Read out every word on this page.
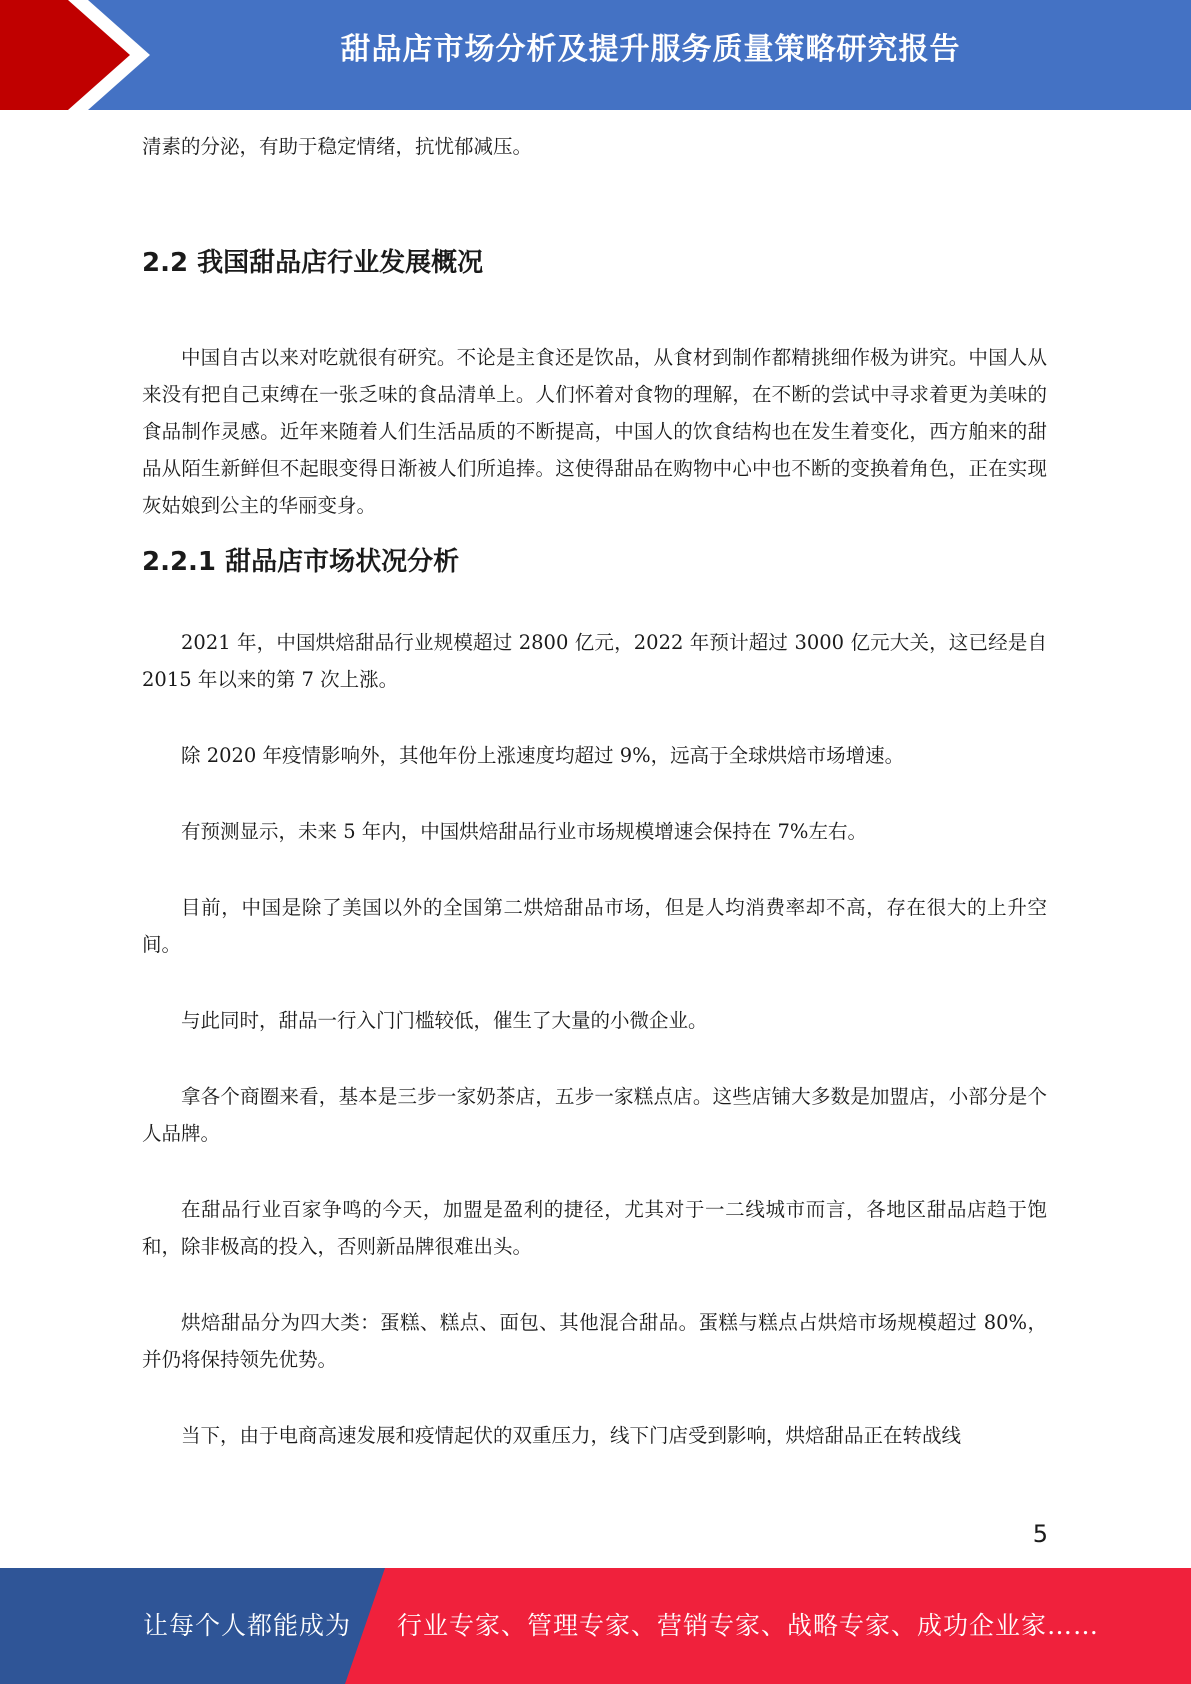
甜品店市场分析及提升服务质量策略研究报告

清素的分泌，有助于稳定情绪，抗忧郁减压。

2.2 我国甜品店行业发展概况

中国自古以来对吃就很有研究。不论是主食还是饮品，从食材到制作都精挑细作极为讲究。中国人从来没有把自己束缚在一张乏味的食品清单上。人们怀着对食物的理解，在不断的尝试中寻求着更为美味的食品制作灵感。近年来随着人们生活品质的不断提高，中国人的饮食结构也在发生着变化，西方舶来的甜品从陌生新鲜但不起眼变得日渐被人们所追捧。这使得甜品在购物中心中也不断的变换着角色，正在实现灰姑娘到公主的华丽变身。

2.2.1 甜品店市场状况分析

2021 年，中国烘焙甜品行业规模超过 2800 亿元，2022 年预计超过 3000 亿元大关，这已经是自 2015 年以来的第 7 次上涨。

除 2020 年疫情影响外，其他年份上涨速度均超过 9%，远高于全球烘焙市场增速。

有预测显示，未来 5 年内，中国烘焙甜品行业市场规模增速会保持在 7%左右。

目前，中国是除了美国以外的全国第二烘焙甜品市场，但是人均消费率却不高，存在很大的上升空间。

与此同时，甜品一行入门门槛较低，催生了大量的小微企业。

拿各个商圈来看，基本是三步一家奶茶店，五步一家糕点店。这些店铺大多数是加盟店，小部分是个人品牌。

在甜品行业百家争鸣的今天，加盟是盈利的捷径，尤其对于一二线城市而言，各地区甜品店趋于饱和，除非极高的投入，否则新品牌很难出头。

烘焙甜品分为四大类：蛋糕、糕点、面包、其他混合甜品。蛋糕与糕点占烘焙市场规模超过 80%，并仍将保持领先优势。

当下，由于电商高速发展和疫情起伏的双重压力，线下门店受到影响，烘焙甜品正在转战线

5
让每个人都能成为 行业专家、管理专家、营销专家、战略专家、成功企业家……
